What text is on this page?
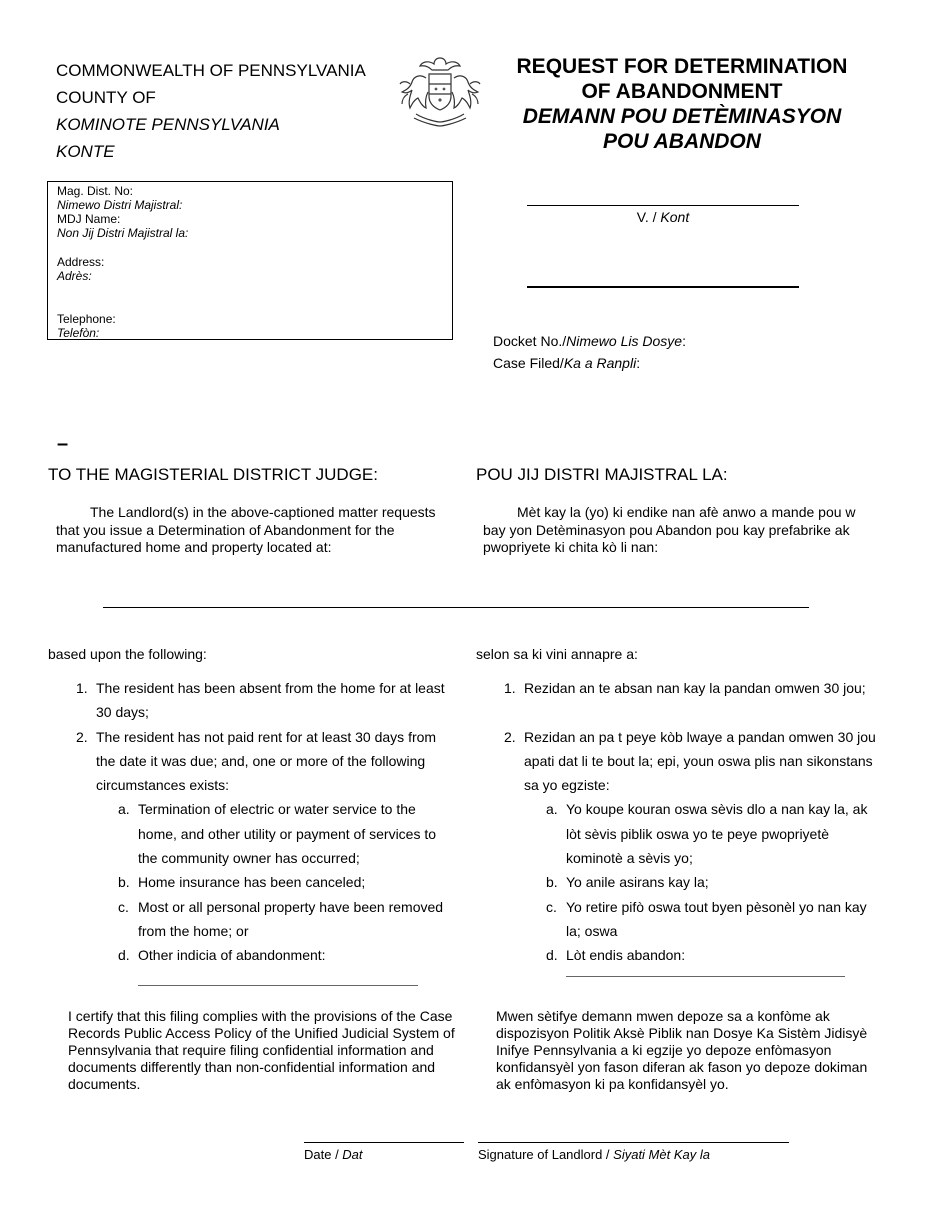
COMMONWEALTH OF PENNSYLVANIA
COUNTY OF
KOMINOTE PENNSYLVANIA
KONTE
REQUEST FOR DETERMINATION
OF ABANDONMENT
DEMANN POU DETÈMINASYON
POU ABANDON
Mag. Dist. No:
Nimewo Distri Majistral:
MDJ Name:
Non Jij Distri Majistral la:
Address:
Adrès:
Telephone:
Telefòn:
V. / Kont
Docket No./Nimewo Lis Dosye:
Case Filed/Ka a Ranpli:
–
TO THE MAGISTERIAL DISTRICT JUDGE:	POU JIJ DISTRI MAJISTRAL LA:
The Landlord(s) in the above-captioned matter requests that you issue a Determination of Abandonment for the manufactured home and property located at:
Mèt kay la (yo) ki endike nan afè anwo a mande pou w bay yon Detèminasyon pou Abandon pou kay prefabrike ak pwopriyete ki chita kò li nan:
based upon the following:	selon sa ki vini annapre a:
1. The resident has been absent from the home for at least 30 days;
2. The resident has not paid rent for at least 30 days from the date it was due; and, one or more of the following circumstances exists:
a. Termination of electric or water service to the home, and other utility or payment of services to the community owner has occurred;
b. Home insurance has been canceled;
c. Most or all personal property have been removed from the home; or
d. Other indicia of abandonment:
1. Rezidan an te absan nan kay la pandan omwen 30 jou;
2. Rezidan an pa t peye kòb lwaye a pandan omwen 30 jou apati dat li te bout la; epi, youn oswa plis nan sikonstans sa yo egziste:
a. Yo koupe kouran oswa sèvis dlo a nan kay la, ak lòt sèvis piblik oswa yo te peye pwopriyetè kominotè a sèvis yo;
b. Yo anile asirans kay la;
c. Yo retire pifò oswa tout byen pèsonèl yo nan kay la; oswa
d. Lòt endis abandon:
I certify that this filing complies with the provisions of the Case Records Public Access Policy of the Unified Judicial System of Pennsylvania that require filing confidential information and documents differently than non-confidential information and documents.
Mwen sètifye demann mwen depoze sa a konfòme ak dispozisyon Politik Aksè Piblik nan Dosye Ka Sistèm Jidisyè Inifye Pennsylvania a ki egzije yo depoze enfòmasyon konfidansyèl yon fason diferan ak fason yo depoze dokiman ak enfòmasyon ki pa konfidansyèl yo.
Date / Dat	Signature of Landlord / Siyati Mèt Kay la
